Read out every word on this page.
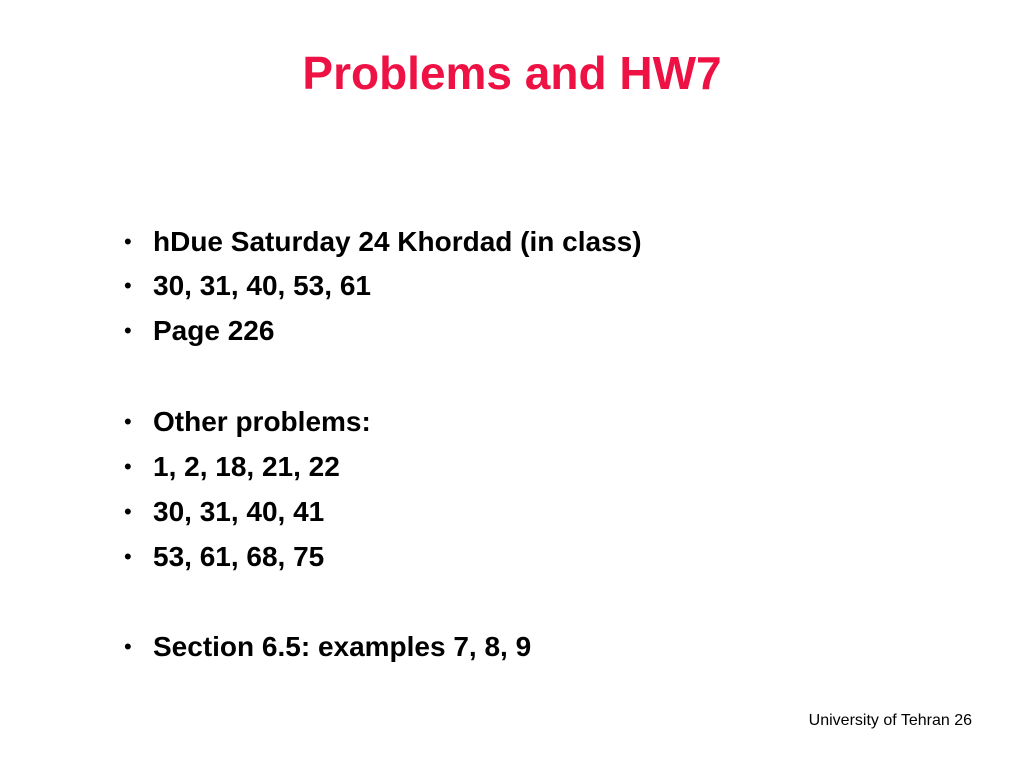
Problems and HW7
• hDue Saturday 24 Khordad (in class)
• 30, 31, 40, 53, 61
• Page 226
• Other problems:
• 1, 2, 18, 21, 22
• 30, 31, 40, 41
• 53, 61, 68, 75
• Section 6.5: examples 7, 8, 9
University of Tehran 26
